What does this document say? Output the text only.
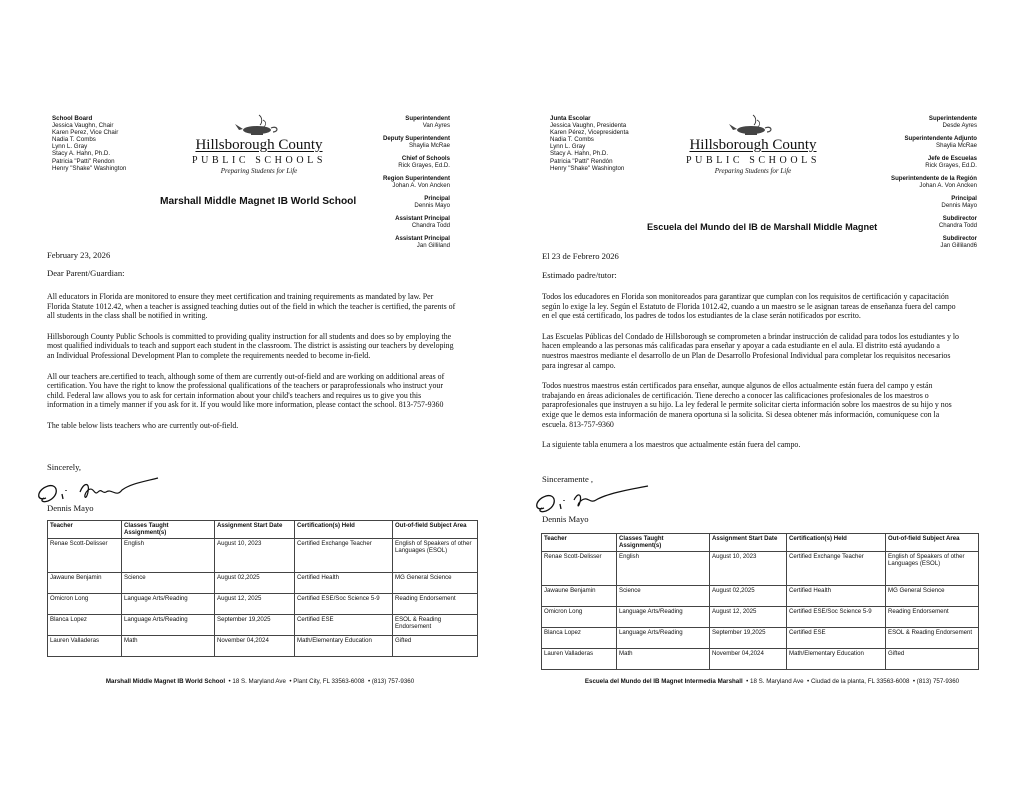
School Board
Jessica Vaughn, Chair
Karen Perez, Vice Chair
Nadia T. Combs
Lynn L. Gray
Stacy A. Hahn, Ph.D.
Patricia "Patti" Rendon
Henry "Shake" Washington
Hillsborough County
PUBLIC SCHOOLS
Preparing Students for Life
Superintendent
Van Ayres
Deputy Superintendent
Shaylia McRae
Chief of Schools
Rick Grayes, Ed.D.
Region Superintendent
Johan A. Von Ancken
Principal
Dennis Mayo
Assistant Principal
Chandra Todd
Assistant Principal
Jan Gilliland
Marshall Middle Magnet IB World School
February 23, 2026
Dear Parent/Guardian:

All educators in Florida are monitored to ensure they meet certification and training requirements as mandated by law. Per Florida Statute 1012.42, when a teacher is assigned teaching duties out of the field in which the teacher is certified, the parents of all students in the class shall be notified in writing.

Hillsborough County Public Schools is committed to providing quality instruction for all students and does so by employing the most qualified individuals to teach and support each student in the classroom. The district is assisting our teachers by developing an Individual Professional Development Plan to complete the requirements needed to become in-field.

All our teachers are.certified to teach, although some of them are currently out-of-field and are working on additional areas of certification. You have the right to know the professional qualifications of the teachers or paraprofessionals who instruct your child. Federal law allows you to ask for certain information about your child's teachers and requires us to give you this information in a timely manner if you ask for it. If you would like more information, please contact the school. 813-757-9360

The table below lists teachers who are currently out-of-field.

Sincerely,
Dennis Mayo
Teacher	Classes Taught Assignment(s)	Assignment Start Date	Certification(s) Held	Out-of-field Subject Area
Renae Scott-Delisser	English	August 10, 2023	Certified Exchange Teacher	English of Speakers of other Languages (ESOL)
Jawaune Benjamin	Science	August 02,2025	Certified Health	MG General Science
Omicron Long	Language Arts/Reading	August 12, 2025	Certified ESE/Soc Science 5-9	Reading Endorsement
Blanca Lopez	Language Arts/Reading	September 19,2025	Certified ESE	ESOL & Reading Endorsement
Lauren Valladeras	Math	November 04,2024	Math/Elementary Education	Gifted
Marshall Middle Magnet IB World School  • 18 S. Maryland Ave  • Plant City, FL 33563-6008  • (813) 757-9360
Junta Escolar
Jessica Vaughn, Presidenta
Karen Pérez, Vicepresidenta
Nadia T. Combs
Lynn L. Gray
Stacy A. Hahn, Ph.D.
Patricia "Patti" Rendón
Henry "Shake" Washington
Hillsborough County
PUBLIC SCHOOLS
Preparing Students for Life
Superintendente
Desde Ayres
Superintendente Adjunto
Shaylia McRae
Jefe de Escuelas
Rick Grayes, Ed.D.
Superintendente de la Región
Johan A. Von Ancken
Principal
Dennis Mayo
Subdirector
Chandra Todd
Subdirector
Jan Gilliland6
Escuela del Mundo del IB de Marshall Middle Magnet
El 23 de Febrero 2026
Estimado padre/tutor:

Todos los educadores en Florida son monitoreados para garantizar que cumplan con los requisitos de certificación y capacitación según lo exige la ley. Según el Estatuto de Florida 1012.42, cuando a un maestro se le asignan tareas de enseñanza fuera del campo en el que está certificado, los padres de todos los estudiantes de la clase serán notificados por escrito.

Las Escuelas Públicas del Condado de Hillsborough se comprometen a brindar instrucción de calidad para todos los estudiantes y lo hacen empleando a las personas más calificadas para enseñar y apoyar a cada estudiante en el aula. El distrito está ayudando a nuestros maestros mediante el desarrollo de un Plan de Desarrollo Profesional Individual para completar los requisitos necesarios para ingresar al campo.

Todos nuestros maestros están certificados para enseñar, aunque algunos de ellos actualmente están fuera del campo y están trabajando en áreas adicionales de certificación. Tiene derecho a conocer las calificaciones profesionales de los maestros o paraprofesionales que instruyen a su hijo. La ley federal le permite solicitar cierta información sobre los maestros de su hijo y nos exige que le demos esta información de manera oportuna si la solicita. Si desea obtener más información, comuníquese con la escuela. 813-757-9360

La siguiente tabla enumera a los maestros que actualmente están fuera del campo.

Sinceramente ,
Dennis Mayo
Teacher	Classes Taught Assignment(s)	Assignment Start Date	Certification(s) Held	Out-of-field Subject Area
Renae Scott-Delisser	English	August 10, 2023	Certified Exchange Teacher	English of Speakers of other Languages (ESOL)
Jawaune Benjamin	Science	August 02,2025	Certified Health	MG General Science
Omicron Long	Language Arts/Reading	August 12, 2025	Certified ESE/Soc Science 5-9	Reading Endorsement
Blanca Lopez	Language Arts/Reading	September 19,2025	Certified ESE	ESOL & Reading Endorsement
Lauren Valladeras	Math	November 04,2024	Math/Elementary Education	Gifted
Escuela del Mundo del IB Magnet Intermedia Marshall  • 18 S. Maryland Ave  • Ciudad de la planta, FL 33563-6008  • (813) 757-9360
